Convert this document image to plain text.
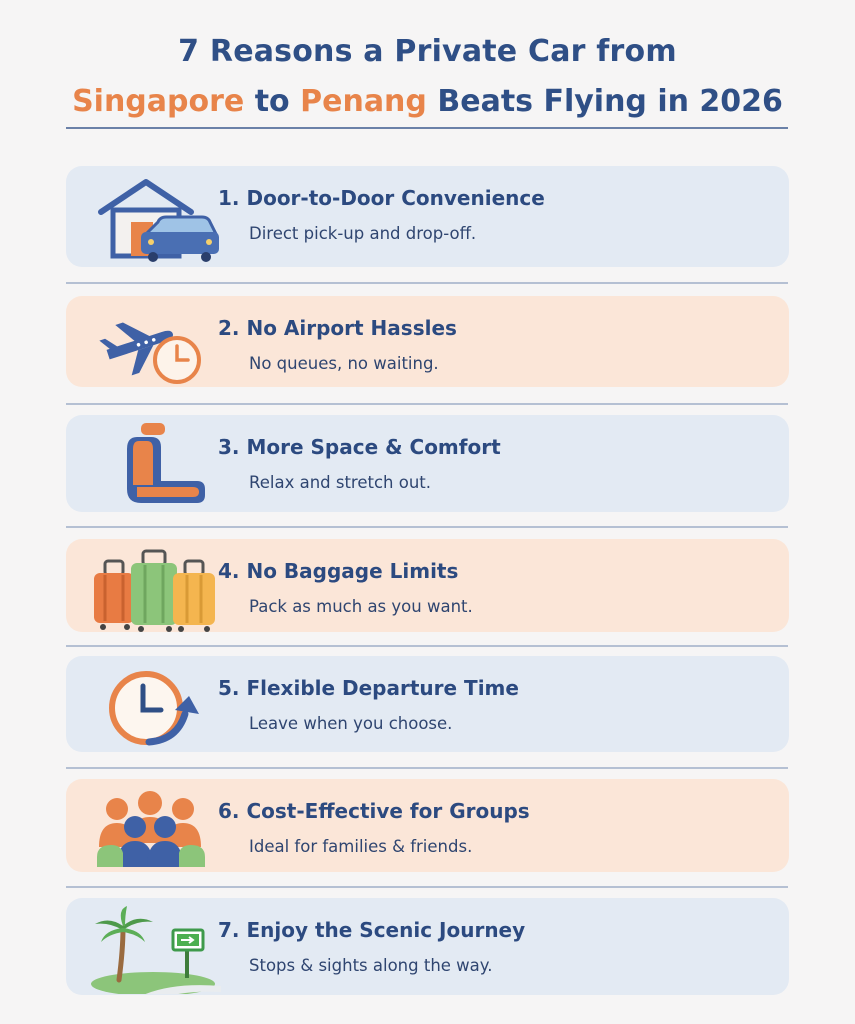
7 Reasons a Private Car from
Singapore to Penang Beats Flying in 2026
1. Door-to-Door Convenience
Direct pick-up and drop-off.
2. No Airport Hassles
No queues, no waiting.
3. More Space & Comfort
Relax and stretch out.
4. No Baggage Limits
Pack as much as you want.
5. Flexible Departure Time
Leave when you choose.
6. Cost-Effective for Groups
Ideal for families & friends.
7. Enjoy the Scenic Journey
Stops & sights along the way.
